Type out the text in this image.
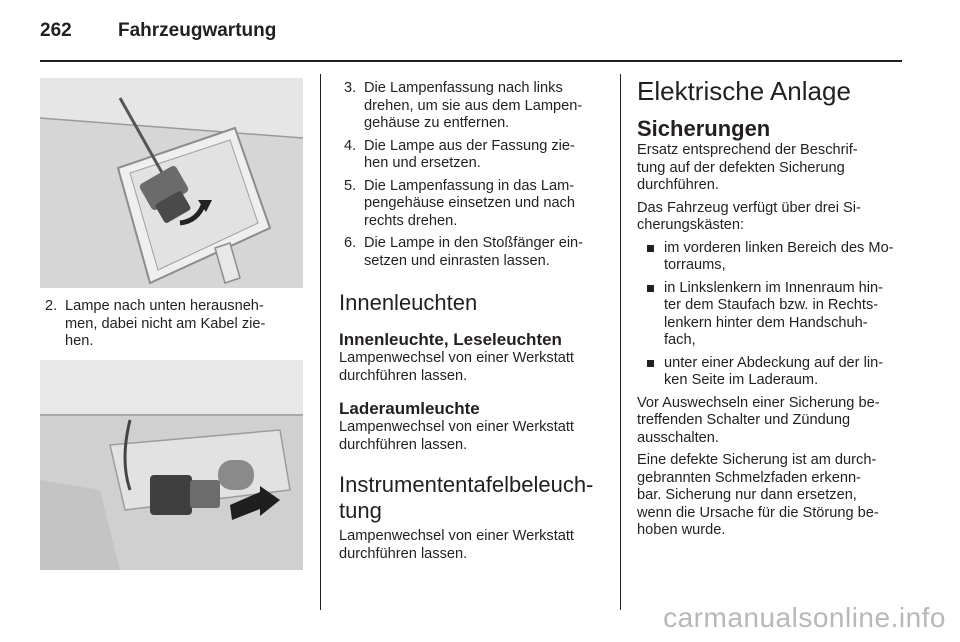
262 Fahrzeugwartung
2. Lampe nach unten herausneh-
men, dabei nicht am Kabel zie-
hen.
3. Die Lampenfassung nach links
drehen, um sie aus dem Lampen-
gehäuse zu entfernen.
4. Die Lampe aus der Fassung zie-
hen und ersetzen.
5. Die Lampenfassung in das Lam-
pengehäuse einsetzen und nach
rechts drehen.
6. Die Lampe in den Stoßfänger ein-
setzen und einrasten lassen.
Innenleuchten
Innenleuchte, Leseleuchten
Lampenwechsel von einer Werkstatt
durchführen lassen.
Laderaumleuchte
Lampenwechsel von einer Werkstatt
durchführen lassen.
Instrumententafelbeleuch-
tung
Lampenwechsel von einer Werkstatt
durchführen lassen.
Elektrische Anlage
Sicherungen
Ersatz entsprechend der Beschrif-
tung auf der defekten Sicherung
durchführen.
Das Fahrzeug verfügt über drei Si-
cherungskästen:
im vorderen linken Bereich des Mo-
torraums,
in Linkslenkern im Innenraum hin-
ter dem Staufach bzw. in Rechts-
lenkern hinter dem Handschuh-
fach,
unter einer Abdeckung auf der lin-
ken Seite im Laderaum.
Vor Auswechseln einer Sicherung be-
treffenden Schalter und Zündung
ausschalten.
Eine defekte Sicherung ist am durch-
gebrannten Schmelzfaden erkenn-
bar. Sicherung nur dann ersetzen,
wenn die Ursache für die Störung be-
hoben wurde.
carmanualsonline.info
